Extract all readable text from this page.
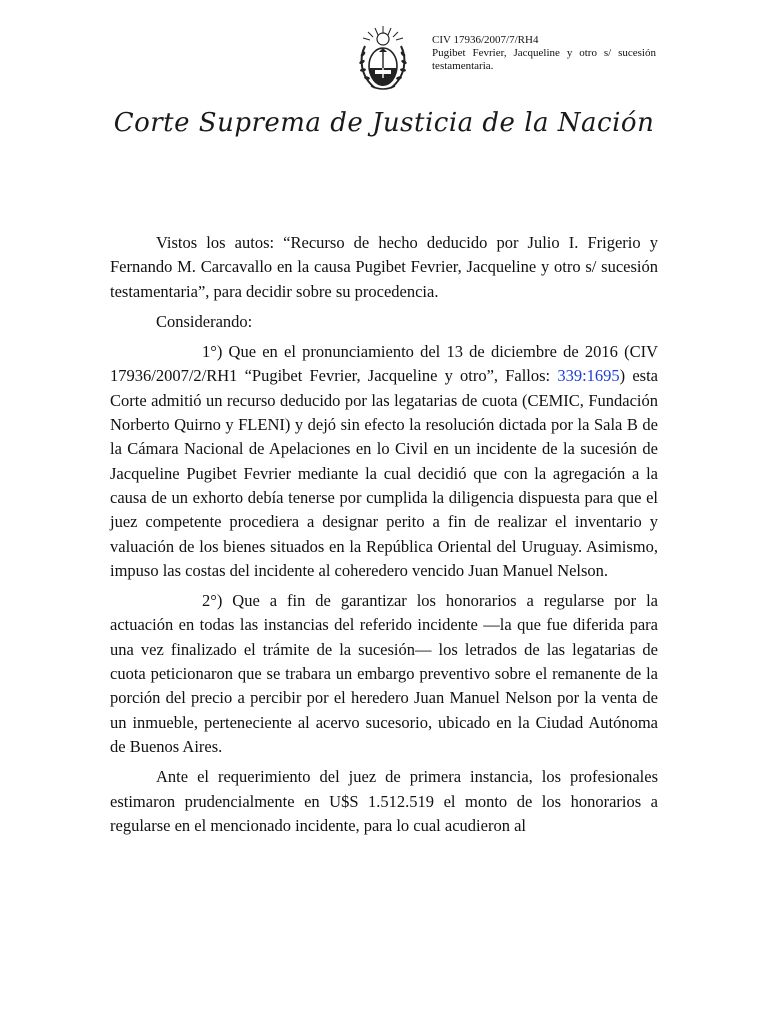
CIV 17936/2007/7/RH4
Pugibet Fevrier, Jacqueline y otro s/ sucesión testamentaria.
Corte Suprema de Justicia de la Nación

Vistos los autos: “Recurso de hecho deducido por Julio I. Frigerio y Fernando M. Carcavallo en la causa Pugibet Fevrier, Jacqueline y otro s/ sucesión testamentaria”, para decidir sobre su procedencia.

Considerando:

1°) Que en el pronunciamiento del 13 de diciembre de 2016 (CIV 17936/2007/2/RH1 “Pugibet Fevrier, Jacqueline y otro”, Fallos: 339:1695) esta Corte admitió un recurso deducido por las legatarias de cuota (CEMIC, Fundación Norberto Quirno y FLENI) y dejó sin efecto la resolución dictada por la Sala B de la Cámara Nacional de Apelaciones en lo Civil en un incidente de la sucesión de Jacqueline Pugibet Fevrier mediante la cual decidió que con la agregación a la causa de un exhorto debía tenerse por cumplida la diligencia dispuesta para que el juez competente procediera a designar perito a fin de realizar el inventario y valuación de los bienes situados en la República Oriental del Uruguay. Asimismo, impuso las costas del incidente al coheredero vencido Juan Manuel Nelson.

2°) Que a fin de garantizar los honorarios a regularse por la actuación en todas las instancias del referido incidente —la que fue diferida para una vez finalizado el trámite de la sucesión— los letrados de las legatarias de cuota peticionaron que se trabara un embargo preventivo sobre el remanente de la porción del precio a percibir por el heredero Juan Manuel Nelson por la venta de un inmueble, perteneciente al acervo sucesorio, ubicado en la Ciudad Autónoma de Buenos Aires.

Ante el requerimiento del juez de primera instancia, los profesionales estimaron prudencialmente en U$S 1.512.519 el monto de los honorarios a regularse en el mencionado incidente, para lo cual acudieron al
